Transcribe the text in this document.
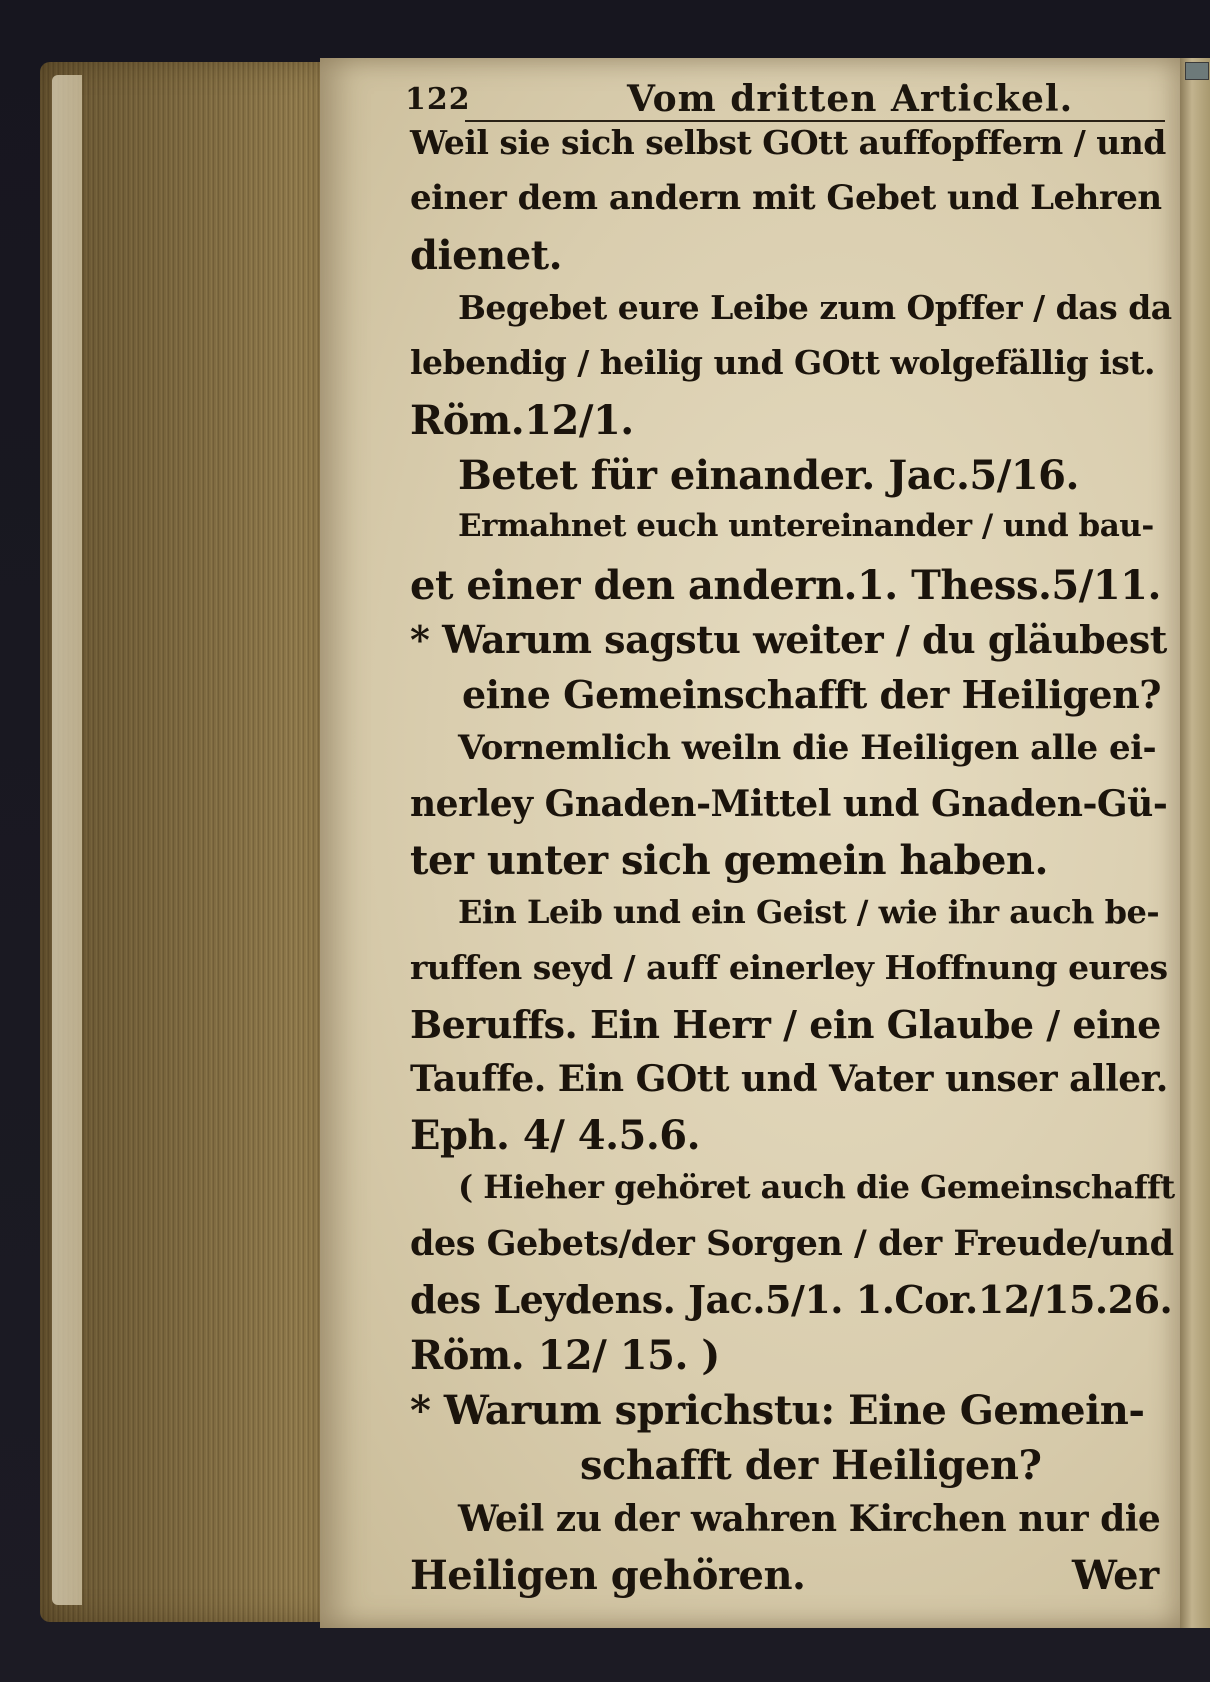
122	Vom dritten Artickel.
Weil sie sich selbst GOtt auffopffern / und
einer dem andern mit Gebet und Lehren
dienet.
Begebet eure Leibe zum Opffer / das da
lebendig / heilig und GOtt wolgefällig ist.
Röm.12/1.
Betet für einander. Jac.5/16.
Ermahnet euch untereinander / und bau-
et einer den andern.1. Thess.5/11.
* Warum sagstu weiter / du gläubest
eine Gemeinschafft der Heiligen?
Vornemlich weiln die Heiligen alle ei-
nerley Gnaden-Mittel und Gnaden-Gü-
ter unter sich gemein haben.
Ein Leib und ein Geist / wie ihr auch be-
ruffen seyd / auff einerley Hoffnung eures
Beruffs. Ein Herr / ein Glaube / eine
Tauffe. Ein GOtt und Vater unser aller.
Eph. 4/ 4.5.6.
( Hieher gehöret auch die Gemeinschafft
des Gebets/der Sorgen / der Freude/und
des Leydens. Jac.5/1. 1.Cor.12/15.26.
Röm. 12/ 15. )
* Warum sprichstu: Eine Gemein-
schafft der Heiligen?
Weil zu der wahren Kirchen nur die
Heiligen gehören.	Wer
